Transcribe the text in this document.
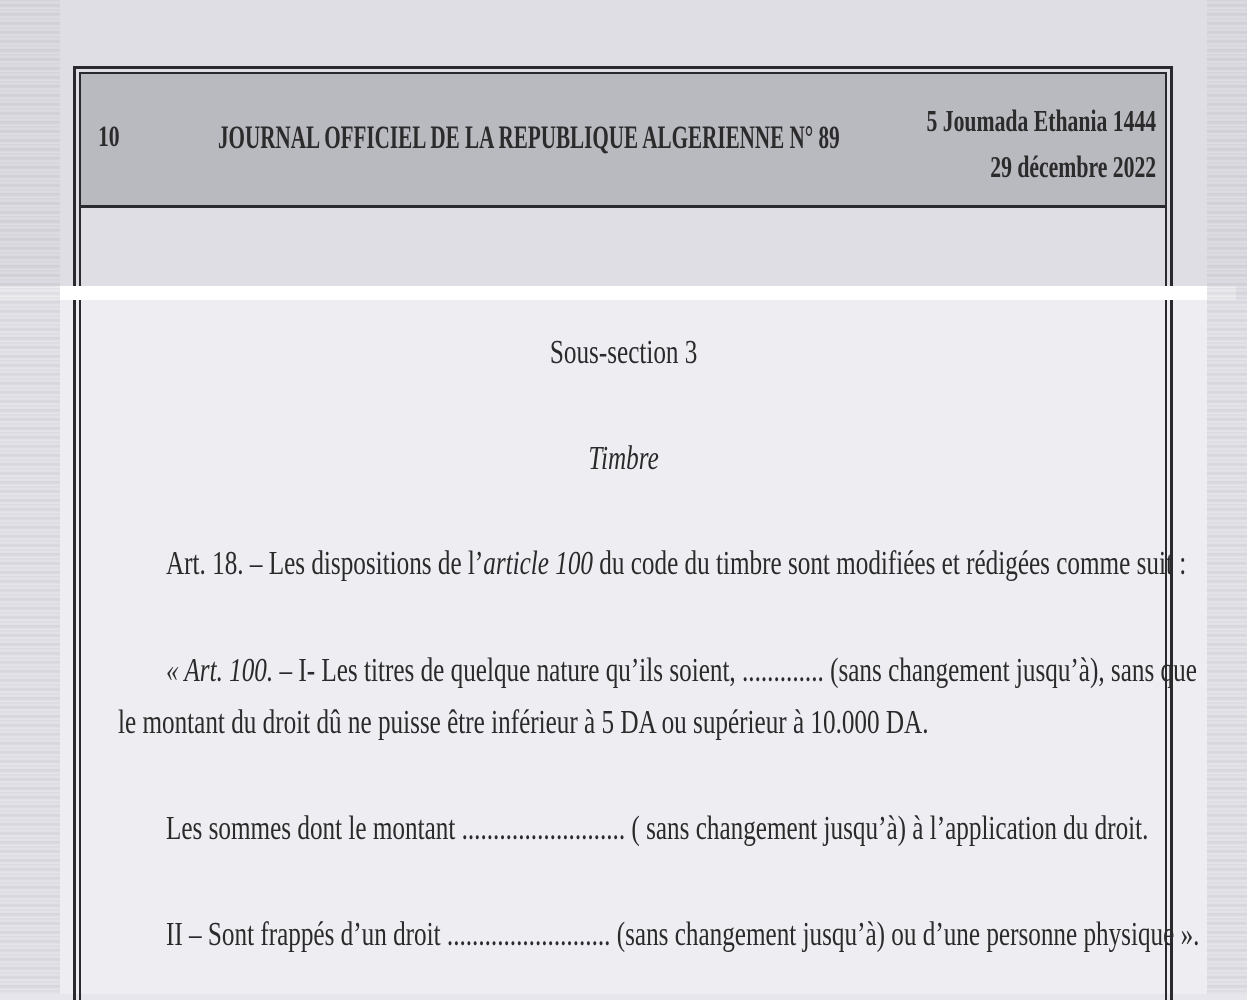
10	JOURNAL OFFICIEL DE LA REPUBLIQUE ALGERIENNE N° 89	5 Joumada Ethania 1444
29 décembre 2022
Sous-section 3
Timbre
Art. 18. – Les dispositions de l’article 100 du code du timbre sont modifiées et rédigées comme suit :
« Art. 100. – I- Les titres de quelque nature qu’ils soient, ............. (sans changement jusqu’à), sans que
le montant du droit dû ne puisse être inférieur à 5 DA ou supérieur à 10.000 DA.
Les sommes dont le montant .......................... ( sans changement jusqu’à) à l’application du droit.
II – Sont frappés d’un droit .......................... (sans changement jusqu’à) ou d’une personne physique ».
